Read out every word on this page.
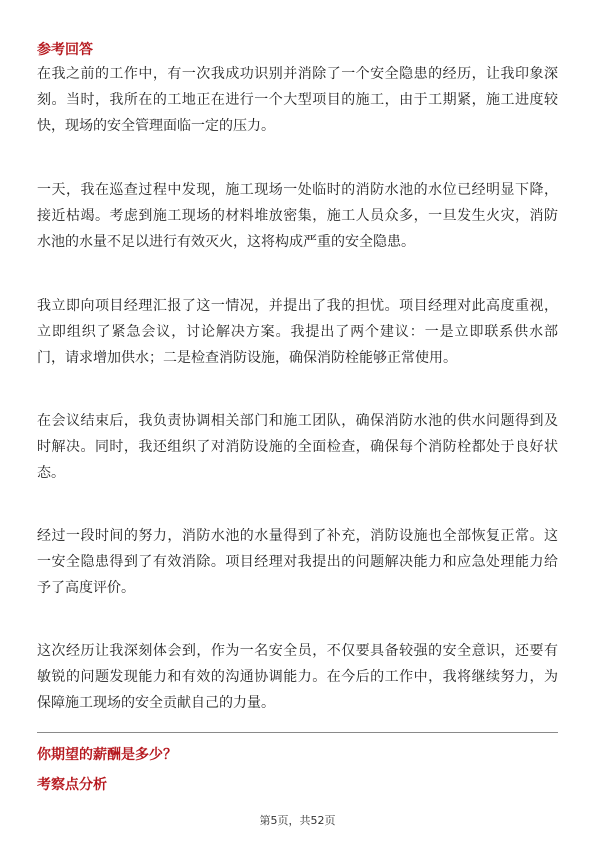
参考回答
在我之前的工作中，有一次我成功识别并消除了一个安全隐患的经历，让我印象深
刻。当时，我所在的工地正在进行一个大型项目的施工，由于工期紧，施工进度较
快，现场的安全管理面临一定的压力。
一天，我在巡查过程中发现，施工现场一处临时的消防水池的水位已经明显下降，
接近枯竭。考虑到施工现场的材料堆放密集，施工人员众多，一旦发生火灾，消防
水池的水量不足以进行有效灭火，这将构成严重的安全隐患。
我立即向项目经理汇报了这一情况，并提出了我的担忧。项目经理对此高度重视，
立即组织了紧急会议，讨论解决方案。我提出了两个建议：一是立即联系供水部
门，请求增加供水；二是检查消防设施，确保消防栓能够正常使用。
在会议结束后，我负责协调相关部门和施工团队，确保消防水池的供水问题得到及
时解决。同时，我还组织了对消防设施的全面检查，确保每个消防栓都处于良好状
态。
经过一段时间的努力，消防水池的水量得到了补充，消防设施也全部恢复正常。这
一安全隐患得到了有效消除。项目经理对我提出的问题解决能力和应急处理能力给
予了高度评价。
这次经历让我深刻体会到，作为一名安全员，不仅要具备较强的安全意识，还要有
敏锐的问题发现能力和有效的沟通协调能力。在今后的工作中，我将继续努力，为
保障施工现场的安全贡献自己的力量。
你期望的薪酬是多少？
考察点分析
第5页，共52页
